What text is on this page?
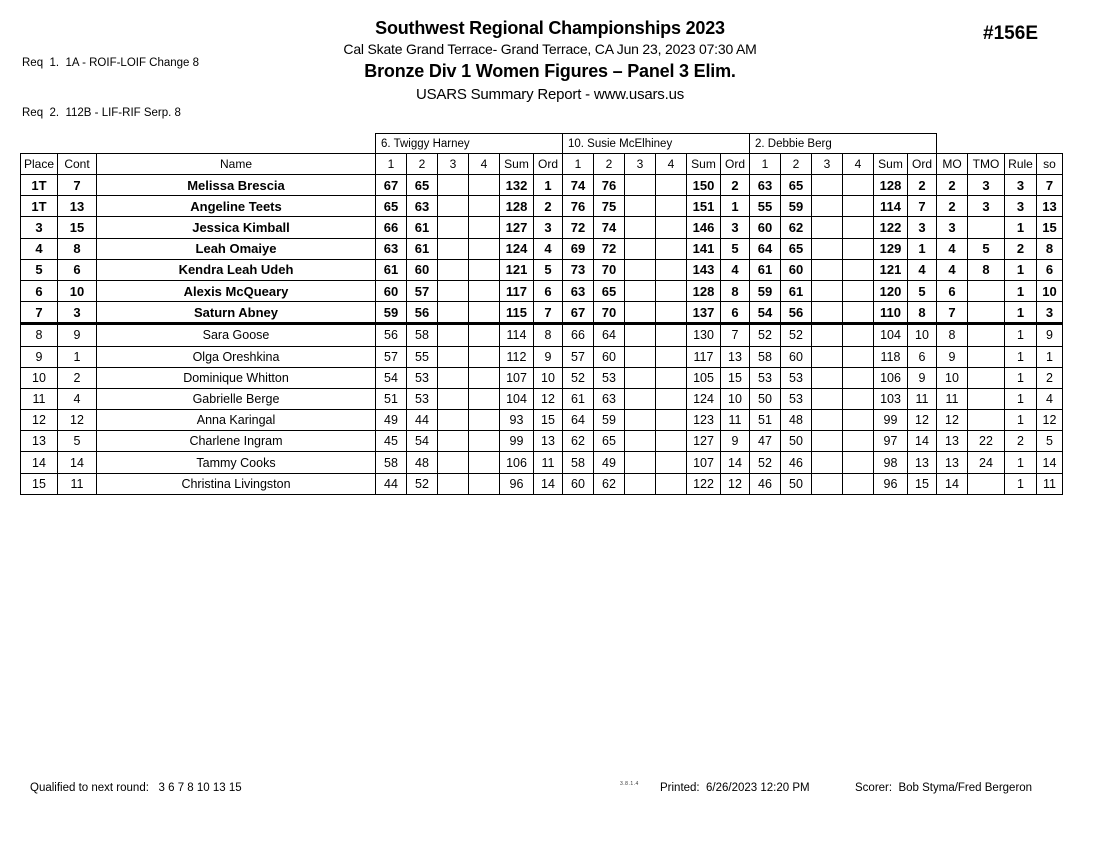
Req  1.  1A - ROIF-LOIF Change 8

Req  2.  112B - LIF-RIF Serp. 8

Southwest Regional Championships 2023
Cal Skate Grand Terrace- Grand Terrace, CA Jun 23, 2023 07:30 AM
Bronze Div 1 Women Figures – Panel 3 Elim.
USARS Summary Report - www.usars.us
#156E
			6. Twiggy Harney						10. Susie McElhiney						2. Debbie Berg									
Place	Cont	Name	1	2	3	4	Sum	Ord	1	2	3	4	Sum	Ord	1	2	3	4	Sum	Ord	MO	TMO	Rule	so
1T	7	Melissa Brescia	67	65			132	1	74	76			150	2	63	65			128	2	2	3	3	7
1T	13	Angeline Teets	65	63			128	2	76	75			151	1	55	59			114	7	2	3	3	13
3	15	Jessica Kimball	66	61			127	3	72	74			146	3	60	62			122	3	3		1	15
4	8	Leah Omaiye	63	61			124	4	69	72			141	5	64	65			129	1	4	5	2	8
5	6	Kendra Leah Udeh	61	60			121	5	73	70			143	4	61	60			121	4	4	8	1	6
6	10	Alexis McQueary	60	57			117	6	63	65			128	8	59	61			120	5	6		1	10
7	3	Saturn Abney	59	56			115	7	67	70			137	6	54	56			110	8	7		1	3
8	9	Sara Goose	56	58			114	8	66	64			130	7	52	52			104	10	8		1	9
9	1	Olga Oreshkina	57	55			112	9	57	60			117	13	58	60			118	6	9		1	1
10	2	Dominique Whitton	54	53			107	10	52	53			105	15	53	53			106	9	10		1	2
11	4	Gabrielle Berge	51	53			104	12	61	63			124	10	50	53			103	11	11		1	4
12	12	Anna Karingal	49	44			93	15	64	59			123	11	51	48			99	12	12		1	12
13	5	Charlene Ingram	45	54			99	13	62	65			127	9	47	50			97	14	13	22	2	5
14	14	Tammy Cooks	58	48			106	11	58	49			107	14	52	46			98	13	13	24	1	14
15	11	Christina Livingston	44	52			96	14	60	62			122	12	46	50			96	15	14		1	11
Qualified to next round: 3 6 7 8 10 13 15	3.8.1.4 Printed: 6/26/2023 12:20 PM	Scorer: Bob Styma/Fred Bergeron
